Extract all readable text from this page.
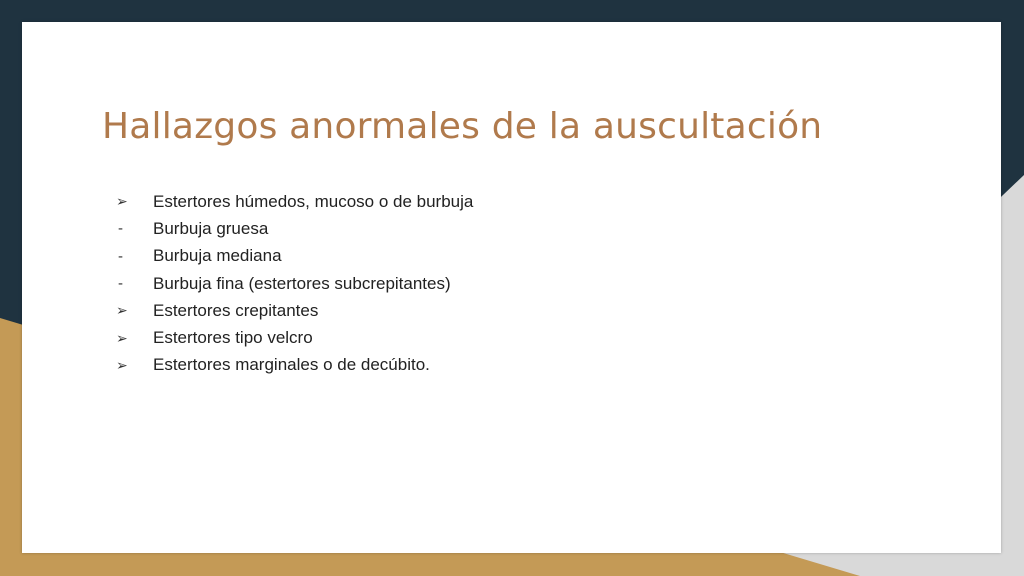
Hallazgos anormales de la auscultación
➢	Estertores húmedos, mucoso o de burbuja
-	Burbuja gruesa
-	Burbuja mediana
-	Burbuja fina (estertores subcrepitantes)
➢	Estertores crepitantes
➢	Estertores tipo velcro
➢	Estertores marginales o de decúbito.
